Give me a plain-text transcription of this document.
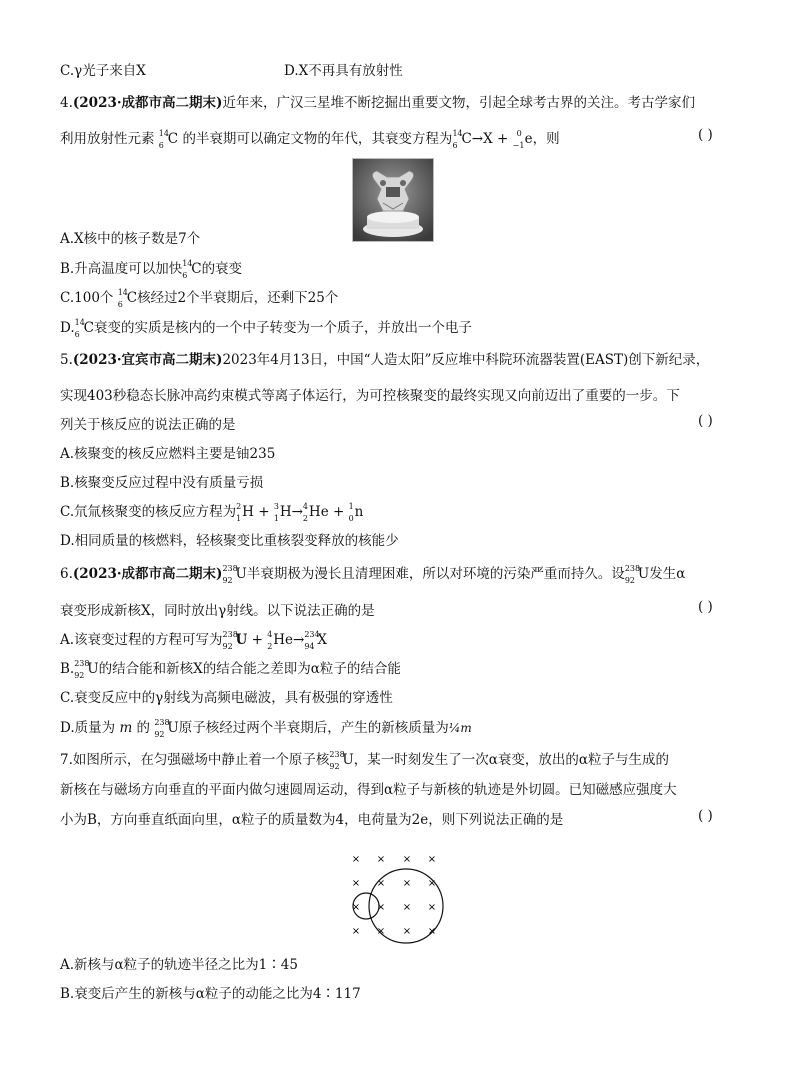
C.γ光子来自X	D.X不再具有放射性
4.(2023·成都市高二期末)近年来，广汉三星堆不断挖掘出重要文物，引起全球考古界的关注。考古学家们
利用放射性元素 14
6 C 的半衰期可以确定文物的年代，其衰变方程为 14
6 C→X + 0
−1 e，则	( )
A.X核中的核子数是7个
B.升高温度可以加快 14
6 C的衰变
C.100个 14
6 C核经过2个半衰期后，还剩下25个
D. 14
6 C衰变的实质是核内的一个中子转变为一个质子，并放出一个电子
5.(2023·宜宾市高二期末)2023年4月13日，中国“人造太阳”反应堆中科院环流器装置(EAST)创下新纪录，
实现403秒稳态长脉冲高约束模式等离子体运行，为可控核聚变的最终实现又向前迈出了重要的一步。下
列关于核反应的说法正确的是	( )
A.核聚变的核反应燃料主要是铀235
B.核聚变反应过程中没有质量亏损
C.氘氚核聚变的核反应方程为 2
1 H + 3
1 H→ 4
2 He + 1
0 n
D.相同质量的核燃料，轻核聚变比重核裂变释放的核能少
6.(2023·成都市高二期末) 238
92 U半衰期极为漫长且清理困难，所以对环境的污染严重而持久。设 238
92 U发生α
衰变形成新核X，同时放出γ射线。以下说法正确的是	( )
A.该衰变过程的方程可写为 238
92 U + 4
2 He→ 234
94 X
B. 238
92 U的结合能和新核X的结合能之差即为α粒子的结合能
C.衰变反应中的γ射线为高频电磁波，具有极强的穿透性
D.质量为 m 的 238
92 U原子核经过两个半衰期后，产生的新核质量为¼m
7.如图所示，在匀强磁场中静止着一个原子核 238
92 U，某一时刻发生了一次α衰变，放出的α粒子与生成的
新核在与磁场方向垂直的平面内做匀速圆周运动，得到α粒子与新核的轨迹是外切圆。已知磁感应强度大
小为B，方向垂直纸面向里，α粒子的质量数为4，电荷量为2e，则下列说法正确的是	( )
× × × ×
× × × ×
× × × ×
× × × ×
A.新核与α粒子的轨迹半径之比为1∶45
B.衰变后产生的新核与α粒子的动能之比为4∶117
